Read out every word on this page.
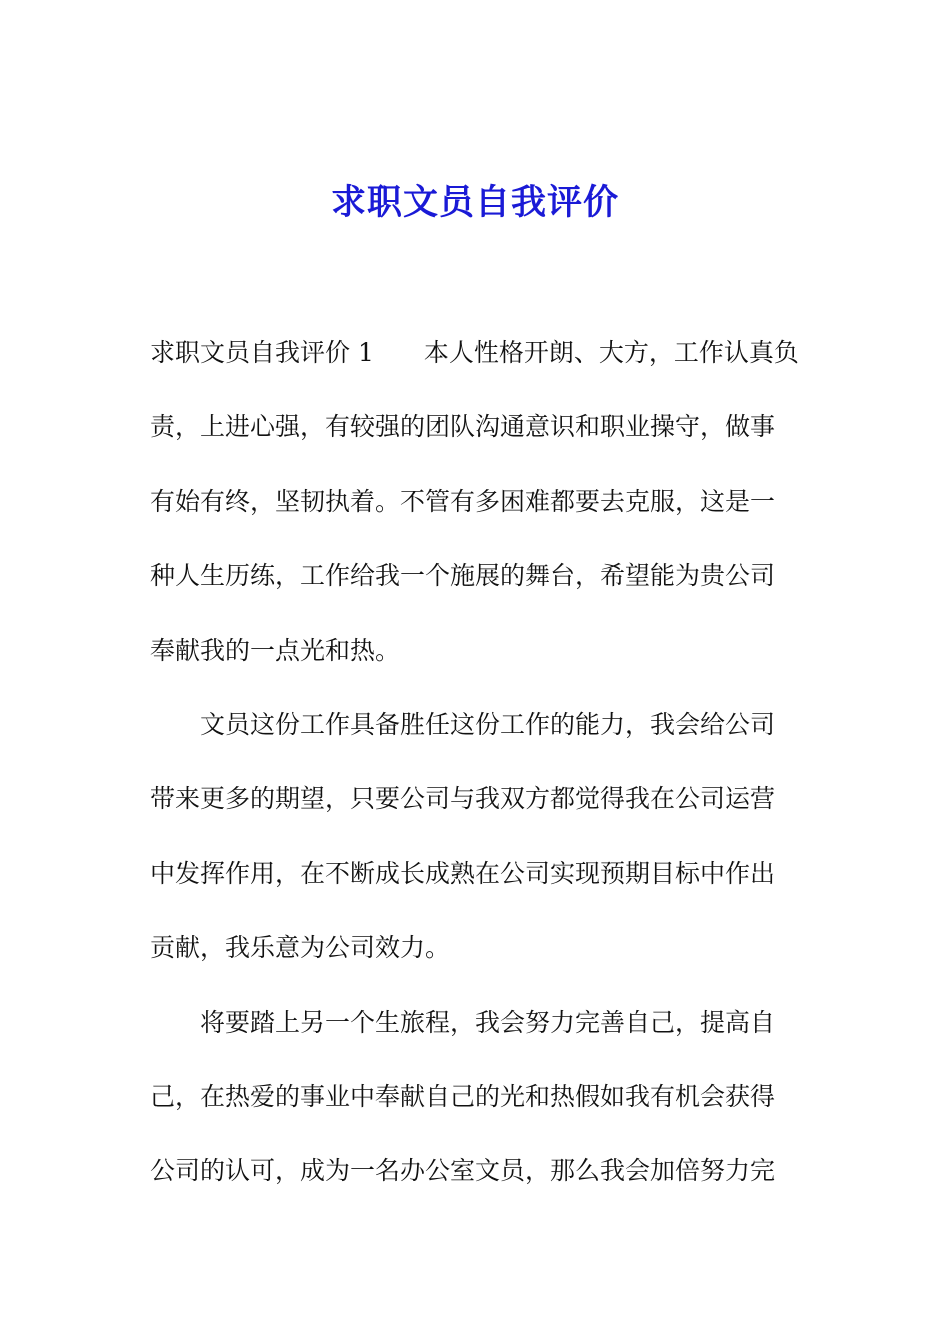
求职文员自我评价
求职文员自我评价 1　　本人性格开朗、大方，工作认真负
责，上进心强，有较强的团队沟通意识和职业操守，做事
有始有终，坚韧执着。不管有多困难都要去克服，这是一
种人生历练，工作给我一个施展的舞台，希望能为贵公司
奉献我的一点光和热。
　　文员这份工作具备胜任这份工作的能力，我会给公司
带来更多的期望，只要公司与我双方都觉得我在公司运营
中发挥作用，在不断成长成熟在公司实现预期目标中作出
贡献，我乐意为公司效力。
　　将要踏上另一个生旅程，我会努力完善自己，提高自
己，在热爱的事业中奉献自己的光和热假如我有机会获得
公司的认可，成为一名办公室文员，那么我会加倍努力完
